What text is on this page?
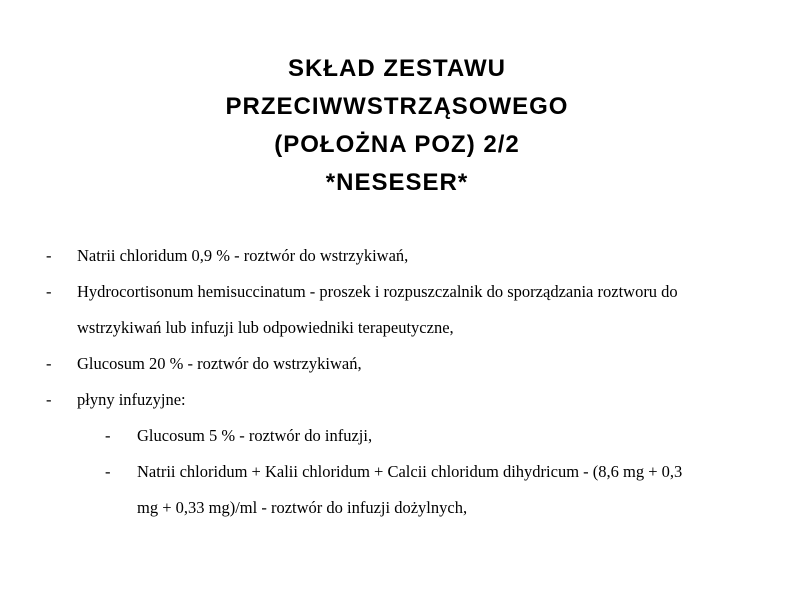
SKŁAD ZESTAWU
PRZECIWWSTRZĄSOWEGO
(POŁOŻNA POZ) 2/2
*NESESER*
- Natrii chloridum 0,9 % - roztwór do wstrzykiwań,
- Hydrocortisonum hemisuccinatum - proszek i rozpuszczalnik do sporządzania roztworu do
wstrzykiwań lub infuzji lub odpowiedniki terapeutyczne,
- Glucosum 20 % - roztwór do wstrzykiwań,
- płyny infuzyjne:
- Glucosum 5 % - roztwór do infuzji,
- Natrii chloridum + Kalii chloridum + Calcii chloridum dihydricum - (8,6 mg + 0,3
mg + 0,33 mg)/ml - roztwór do infuzji dożylnych,
